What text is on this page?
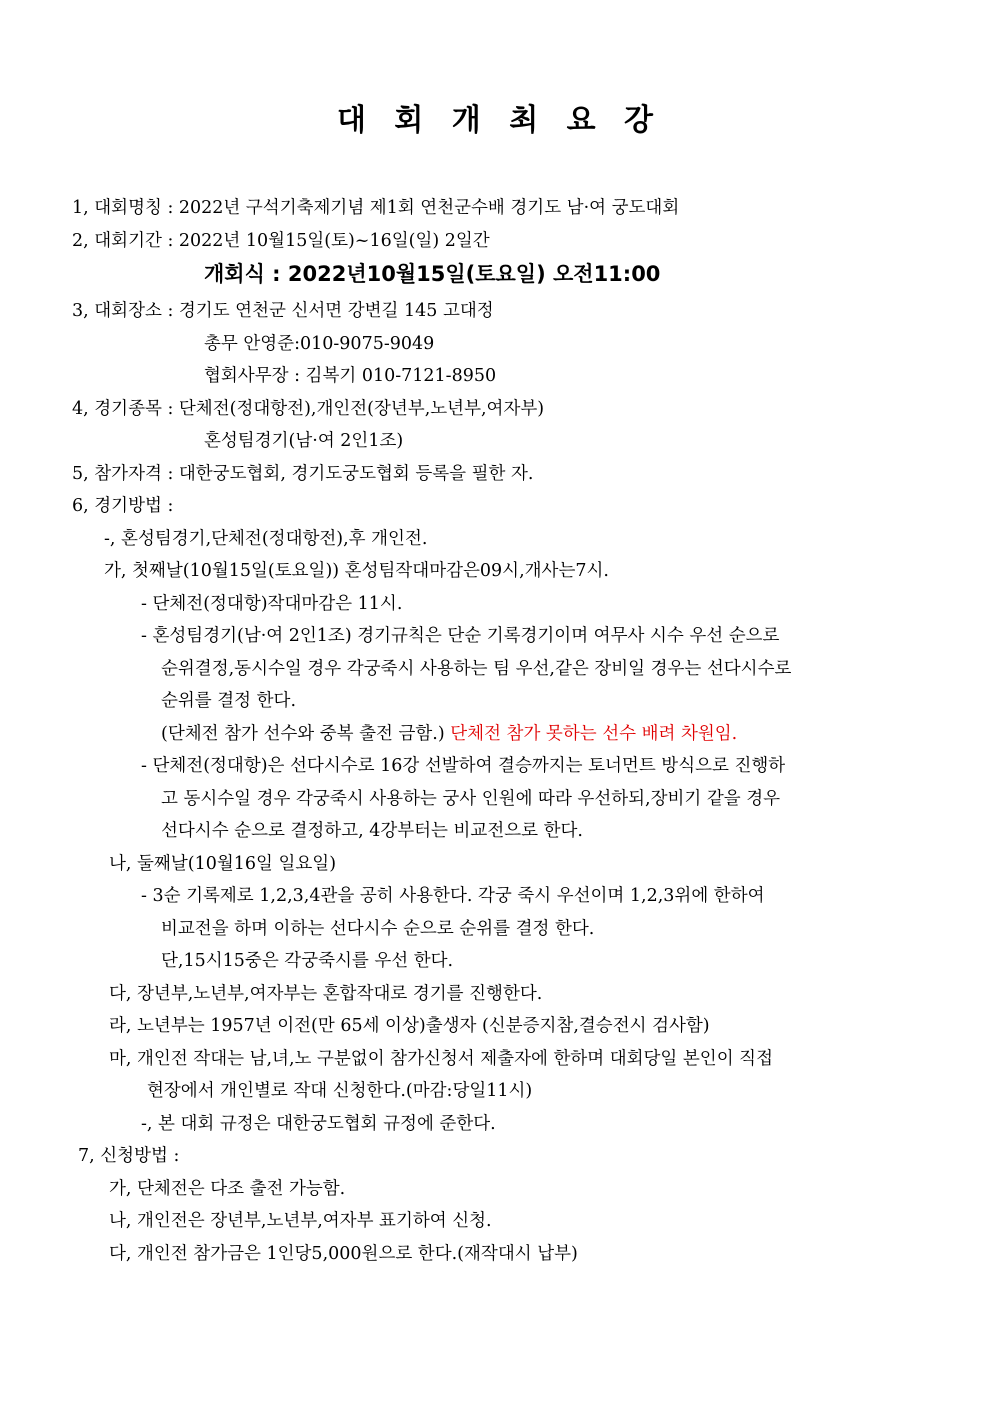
대 회 개 최 요 강
1, 대회명칭 : 2022년 구석기축제기념 제1회 연천군수배 경기도 남·여 궁도대회
2, 대회기간 : 2022년 10월15일(토)~16일(일) 2일간
개회식 : 2022년10월15일(토요일) 오전11:00
3, 대회장소 : 경기도 연천군 신서면 강변길 145 고대정
총무 안영준:010-9075-9049
협회사무장 : 김복기 010-7121-8950
4, 경기종목 : 단체전(정대항전),개인전(장년부,노년부,여자부)
혼성팀경기(남·여 2인1조)
5, 참가자격 : 대한궁도협회, 경기도궁도협회 등록을 필한 자.
6, 경기방법 :
-, 혼성팀경기,단체전(정대항전),후 개인전.
가, 첫째날(10월15일(토요일)) 혼성팀작대마감은09시,개사는7시.
- 단체전(정대항)작대마감은 11시.
- 혼성팀경기(남·여 2인1조) 경기규칙은 단순 기록경기이며 여무사 시수 우선 순으로
순위결정,동시수일 경우 각궁죽시 사용하는 팀 우선,같은 장비일 경우는 선다시수로
순위를 결정 한다.
(단체전 참가 선수와 중복 출전 금함.) 단체전 참가 못하는 선수 배려 차원임.
- 단체전(정대항)은 선다시수로 16강 선발하여 결승까지는 토너먼트 방식으로 진행하
고 동시수일 경우 각궁죽시 사용하는 궁사 인원에 따라 우선하되,장비기 같을 경우
선다시수 순으로 결정하고, 4강부터는 비교전으로 한다.
나, 둘째날(10월16일 일요일)
- 3순 기록제로 1,2,3,4관을 공히 사용한다. 각궁 죽시 우선이며 1,2,3위에 한하여
비교전을 하며 이하는 선다시수 순으로 순위를 결정 한다.
단,15시15중은 각궁죽시를 우선 한다.
다, 장년부,노년부,여자부는 혼합작대로 경기를 진행한다.
라, 노년부는 1957년 이전(만 65세 이상)출생자 (신분증지참,결승전시 검사함)
마, 개인전 작대는 남,녀,노 구분없이 참가신청서 제출자에 한하며 대회당일 본인이 직접
현장에서 개인별로 작대 신청한다.(마감:당일11시)
-, 본 대회 규정은 대한궁도협회 규정에 준한다.
7, 신청방법 :
가, 단체전은 다조 출전 가능함.
나, 개인전은 장년부,노년부,여자부 표기하여 신청.
다, 개인전 참가금은 1인당5,000원으로 한다.(재작대시 납부)
